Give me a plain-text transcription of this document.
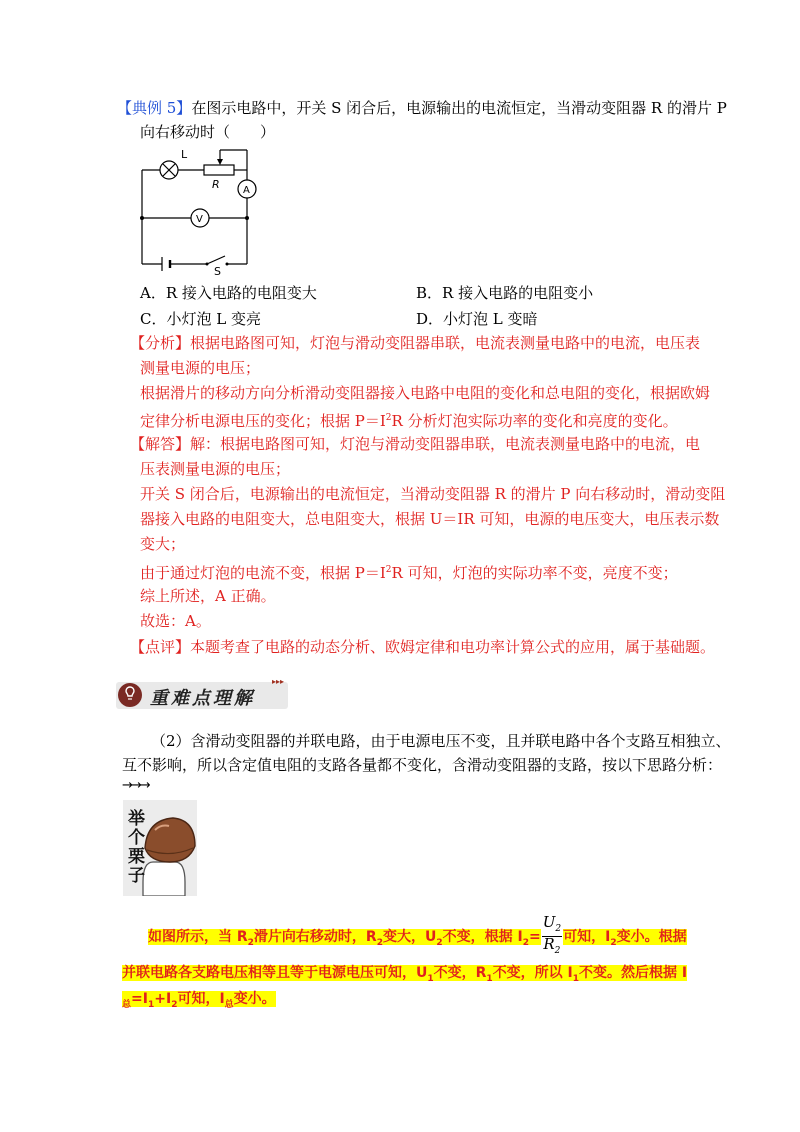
【典例 5】在图示电路中，开关 S 闭合后，电源输出的电流恒定，当滑动变阻器 R 的滑片 P
向右移动时（　　）
L
R A
V
S
A．R 接入电路的电阻变大	B．R 接入电路的电阻变小
C．小灯泡 L 变亮	D．小灯泡 L 变暗
【分析】根据电路图可知，灯泡与滑动变阻器串联，电流表测量电路中的电流，电压表
测量电源的电压；
根据滑片的移动方向分析滑动变阻器接入电路中电阻的变化和总电阻的变化，根据欧姆
定律分析电源电压的变化；根据 $P=I^2R$ 分析灯泡实际功率的变化和亮度的变化。
【解答】解：根据电路图可知，灯泡与滑动变阻器串联，电流表测量电路中的电流，电
压表测量电源的电压；
开关 S 闭合后，电源输出的电流恒定，当滑动变阻器 R 的滑片 P 向右移动时，滑动变阻
器接入电路的电阻变大，总电阻变大，根据 U＝IR 可知，电源的电压变大，电压表示数
变大；
由于通过灯泡的电流不变，根据 $P=I^2R$ 可知，灯泡的实际功率不变，亮度不变；
综上所述，A 正确。
故选：A。
【点评】本题考查了电路的动态分析、欧姆定律和电功率计算公式的应用，属于基础题。
▸▸▸
重难点理解
（2）含滑动变阻器的并联电路，由于电源电压不变，且并联电路中各个支路互相独立、
互不影响，所以含定值电阻的支路各量都不变化，含滑动变阻器的支路，按以下思路分析：
→→→
举个栗子
如图所示，当 $R_2$滑片向右移动时，$R_2$变大，$U_2$不变，根据 $I_2= \frac{U_2}{R_2}$ 可知，$I_2$变小。根据
并联电路各支路电压相等且等于电源电压可知，$U_1$不变，$R_1$不变，所以 $I_1$不变。然后根据 I
$_总=I_1+I_2$可知，$I_总$变小。
